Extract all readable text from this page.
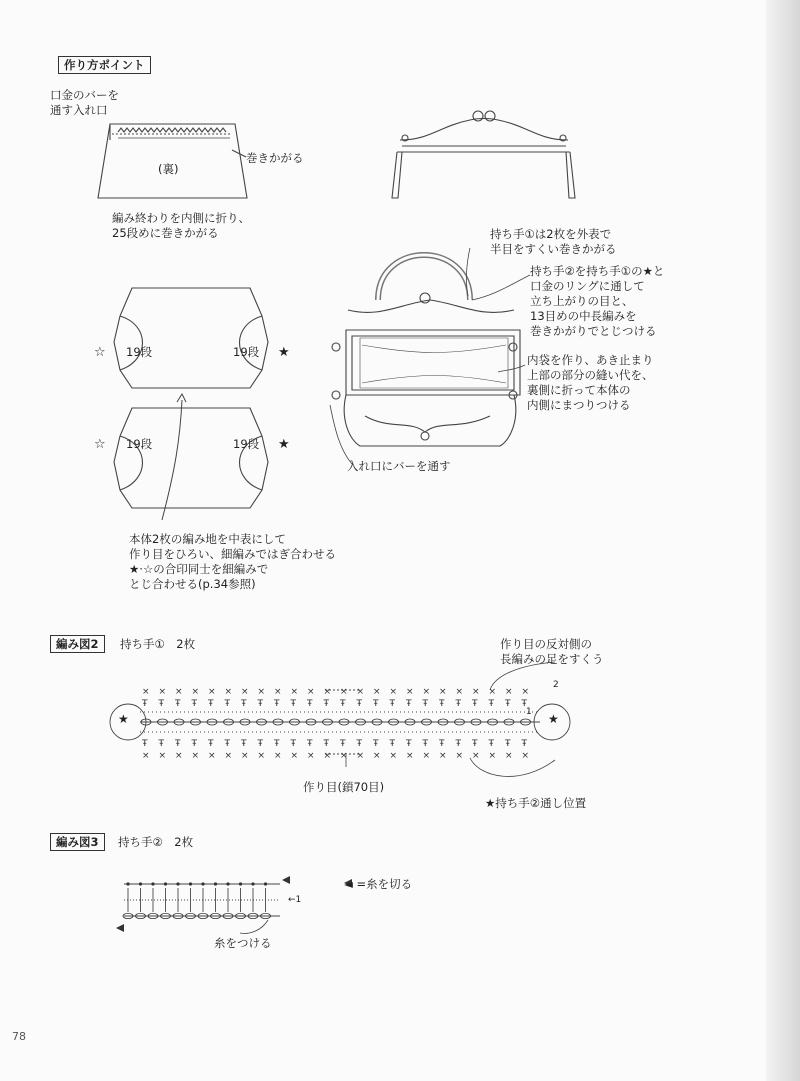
作り方ポイント
×
×
Ŧ
Ŧ
×
×
Ŧ
Ŧ
×
×
Ŧ
Ŧ
×
×
Ŧ
Ŧ
×
×
Ŧ
Ŧ
×
×
Ŧ
Ŧ
×
×
Ŧ
Ŧ
×
×
Ŧ
Ŧ
×
×
Ŧ
Ŧ
×
×
Ŧ
Ŧ
×
×
Ŧ
Ŧ
×
×
Ŧ
Ŧ
×
×
Ŧ
Ŧ
×
×
Ŧ
Ŧ
×
×
Ŧ
Ŧ
×
×
Ŧ
Ŧ
×
×
Ŧ
Ŧ
×
×
Ŧ
Ŧ
×
×
Ŧ
Ŧ
×
×
Ŧ
Ŧ
×
×
Ŧ
Ŧ
×
×
Ŧ
Ŧ
×
×
Ŧ
Ŧ
×
×
Ŧ
Ŧ
口金のバーを
通す入れ口
巻きかがる
(裏)
編み終わりを内側に折り、
25段めに巻きかがる
19段	19段
19段	19段
☆	★
☆	★
本体2枚の編み地を中表にして
作り目をひろい、細編みではぎ合わせる
★·☆の合印同士を細編みで
とじ合わせる(p.34参照)
持ち手①は2枚を外表で
半目をすくい巻きかがる
持ち手②を持ち手①の★と
口金のリングに通して
立ち上がりの目と、
13目めの中長編みを
巻きかがりでとじつける
内袋を作り、あき止まり
上部の部分の縫い代を、
裏側に折って本体の
内側にまつりつける
入れ口にバーを通す
編み図2	持ち手①　2枚	作り目の反対側の
長編みの足をすくう
作り目(鎖70目)
★持ち手②通し位置
★	★
1
2
編み図3	持ち手②　2枚
◄ =糸を切る
←1
糸をつける
78
